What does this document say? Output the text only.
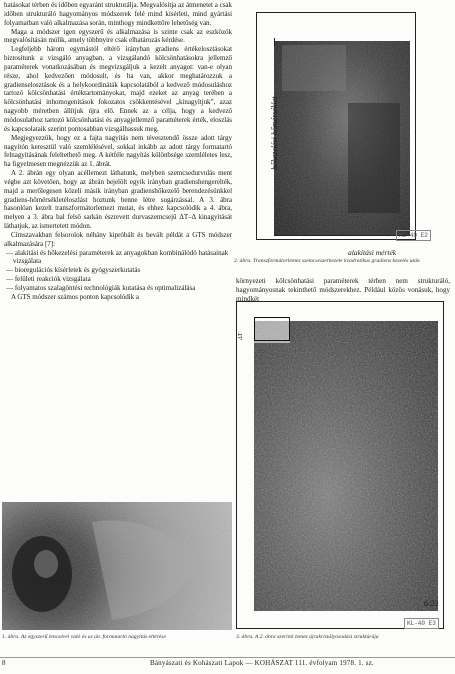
hatásokat térben és időben egyaránt strukturálja. Megvalósítja az átmenetet a csak időben strukturáló hagyományos módszerek felé mind kísérleti, mind gyártási folyamatban való alkalmazása során, minthogy mindkettőre lehetőség van.

Maga a módszer igen egyszerű és alkalmazása is szinte csak az eszközök megvalósításán múlik, amely többnyire csak elhatározás kérdése.

Legfeljebb három egymástól eltérő irányban gradiens értékelosztásokat biztosítunk a vizsgáló anyagban, a vizsgálandó kölcsönhatásokra jellemző paraméterek vonatkozásában és megvizsgáljuk a kezelt anyagot: van-e olyan része, ahol kedvezően módosult, és ha van, akkor meghatározzuk a gradienselosztások és a helykoordináták kapcsolatából a kedvező módosuláshoz tartozó kölcsönhatási értéktartományokat, majd ezeket az anyag terében a kölcsönhatási inhomogenitások fokozatos csökkentésével „kinagyítjuk”, azaz nagyobb méretben állítjuk újra elő. Ennek az a célja, hogy a kedvező módosulathoz tartozó kölcsönhatási és anyagjellemző paraméterek érték, eloszlás és kapcsolataik szerint pontosabban vizsgálhassuk meg.

Megjegyezzük, hogy ez a fajta nagyítás nem tévesztendő össze adott tárgy nagyítón keresztül való szemlélésével, sokkal inkább az adott tárgy formatartó felnagyításának feleltethető meg. A kétféle nagyítás különbsége szemléletes lesz, ha figyelmesen megnézzük az 1. ábrát.

A 2. ábrán egy olyan acéllemezt láthatunk, melyben szemcsedurvulás ment végbe azt követően, hogy az ábrán bejelölt egyik irányban gradienshengerelték, majd a merőlegesen közeli másik irányban gradienshőkezelő berendezésünkkel gradiens-hőmérsékletéloszlást hoztunk benne létre sugárzással. A 3. ábra hasonlóan kezelt transzformátorlemezt mutat, és ehhez kapcsolódik a 4. ábra, melyen a 3. ábra bal felső sarkán észrevett durvaszemcsejű ΔT–Δ kinagyítását láthatjuk, az ismertetett módon.

Címszavakban felsorolok néhány kipróbált és bevált példát a GTS módszer alkalmazására [7]:

— alakítási és hőkezelési paraméterek az anyagokban kombinálódó hatásainak vizsgálata
— bioregulációs kísérletek és gyógyszerkutatás
— felületi reakciók vizsgálata
— folyamatos szalagöntési technológiák kutatása és optimalizálása

A GTS módszer számos ponton kapcsolódik a

hőkezelési hőmérséklet
KL-40 E2
alakítási mérték
2. ábra. Transzformátorlemez szemcseszerkezete kvadratikus gradiens kezelés után
környezeti kölcsönhatási paraméterek térben nem strukturáló, hagyományosnak tekinthető módszerekhez. Például közös vonásuk, hogy mindkét
ΔT
6/23
KL-40 E3
1. ábra. Az egyszerű lencsével való és az ún. formatartó nagyítás eltérése	3. ábra. A 2. ábra szerinti lemez újrakristályosodási struktúrája
8	Bányászati és Kohászati Lapok — KOHÁSZAT 111. évfolyam 1978. 1. sz.
